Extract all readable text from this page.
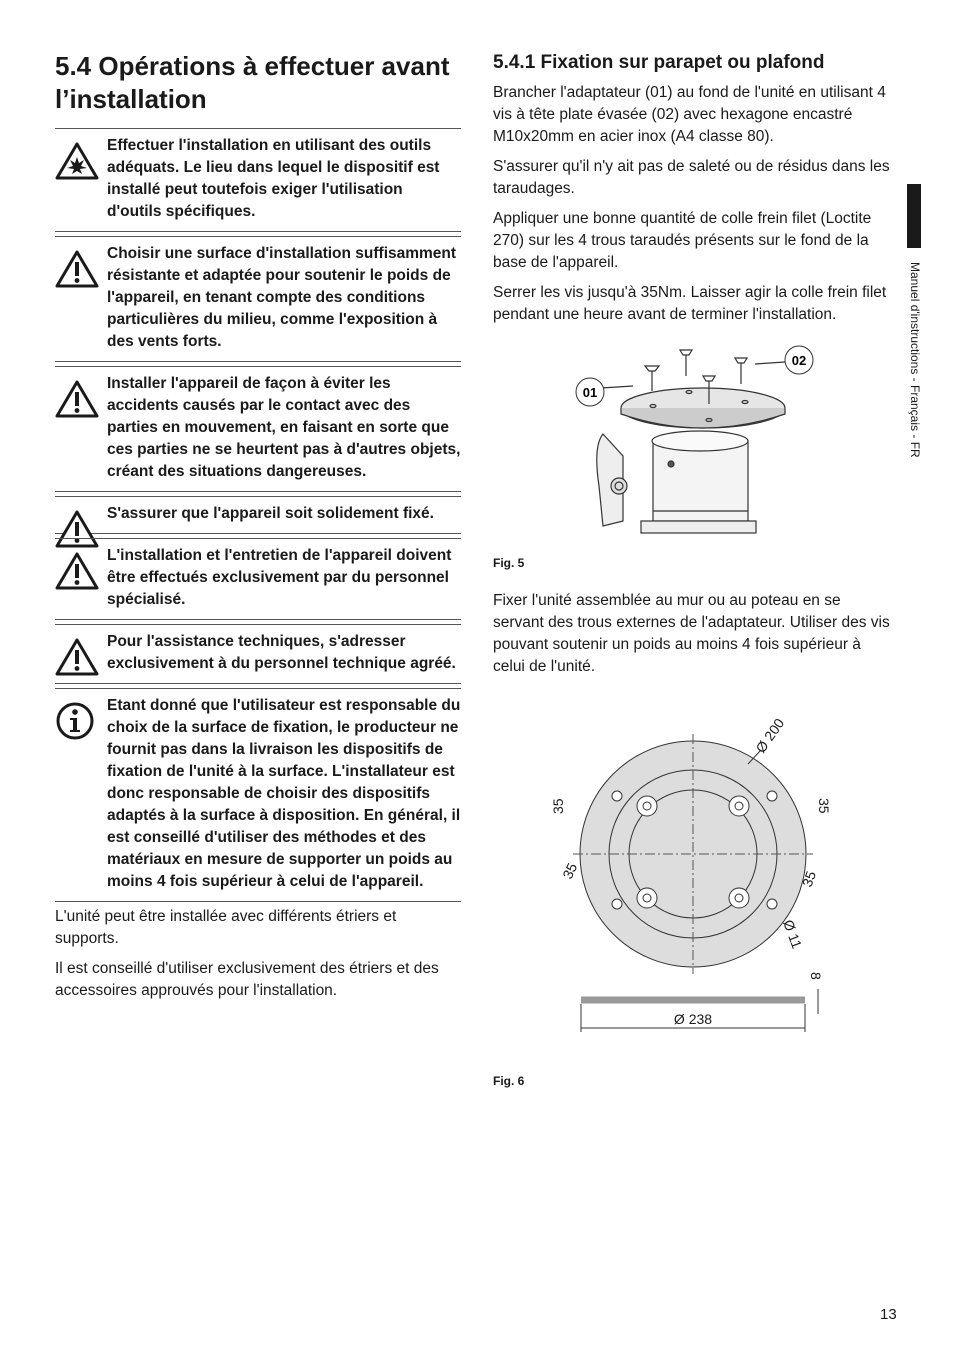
5.4 Opérations à effectuer avant l’installation
Effectuer l'installation en utilisant des outils adéquats. Le lieu dans lequel le dispositif est installé peut toutefois exiger l'utilisation d'outils spécifiques.
Choisir une surface d'installation suffisamment résistante et adaptée pour soutenir le poids de l'appareil, en tenant compte des conditions particulières du milieu, comme l'exposition à des vents forts.
Installer l'appareil de façon à éviter les accidents causés par le contact avec des parties en mouvement, en faisant en sorte que ces parties ne se heurtent pas à d'autres objets, créant des situations dangereuses.
S'assurer que l'appareil soit solidement fixé.
L'installation et l'entretien de l'appareil doivent être effectués exclusivement par du personnel spécialisé.
Pour l'assistance techniques, s'adresser exclusivement à du personnel technique agréé.
Etant donné que l'utilisateur est responsable du choix de la surface de fixation, le producteur ne fournit pas dans la livraison les dispositifs de fixation de l'unité à la surface. L'installateur est donc responsable de choisir des dispositifs adaptés à la surface à disposition. En général, il est conseillé d'utiliser des méthodes et des matériaux en mesure de supporter un poids au moins 4 fois supérieur à celui de l'appareil.

L'unité peut être installée avec différents étriers et supports.

Il est conseillé d'utiliser exclusivement des étriers et des accessoires approuvés pour l'installation.

5.4.1 Fixation sur parapet ou plafond

Brancher l'adaptateur (01) au fond de l'unité en utilisant 4 vis à tête plate évasée (02) avec hexagone encastré M10x20mm en acier inox (A4 classe 80).

S'assurer qu'il n'y ait pas de saleté ou de résidus dans les taraudages.

Appliquer une bonne quantité de colle frein filet (Loctite 270) sur les 4 trous taraudés présents sur le fond de la base de l'appareil.

Serrer les vis jusqu'à 35Nm. Laisser agir la colle frein filet pendant une heure avant de terminer l'installation.

01
02

Fig. 5

Fixer l'unité assemblée au mur ou au poteau en se servant des trous externes de l'adaptateur. Utiliser des vis pouvant soutenir un poids au moins 4 fois supérieur à celui de l'unité.

Ø 200
35	35
35	35
Ø 11
8
Ø 238

Fig. 6

Manuel d'instructions - Français - FR
13
